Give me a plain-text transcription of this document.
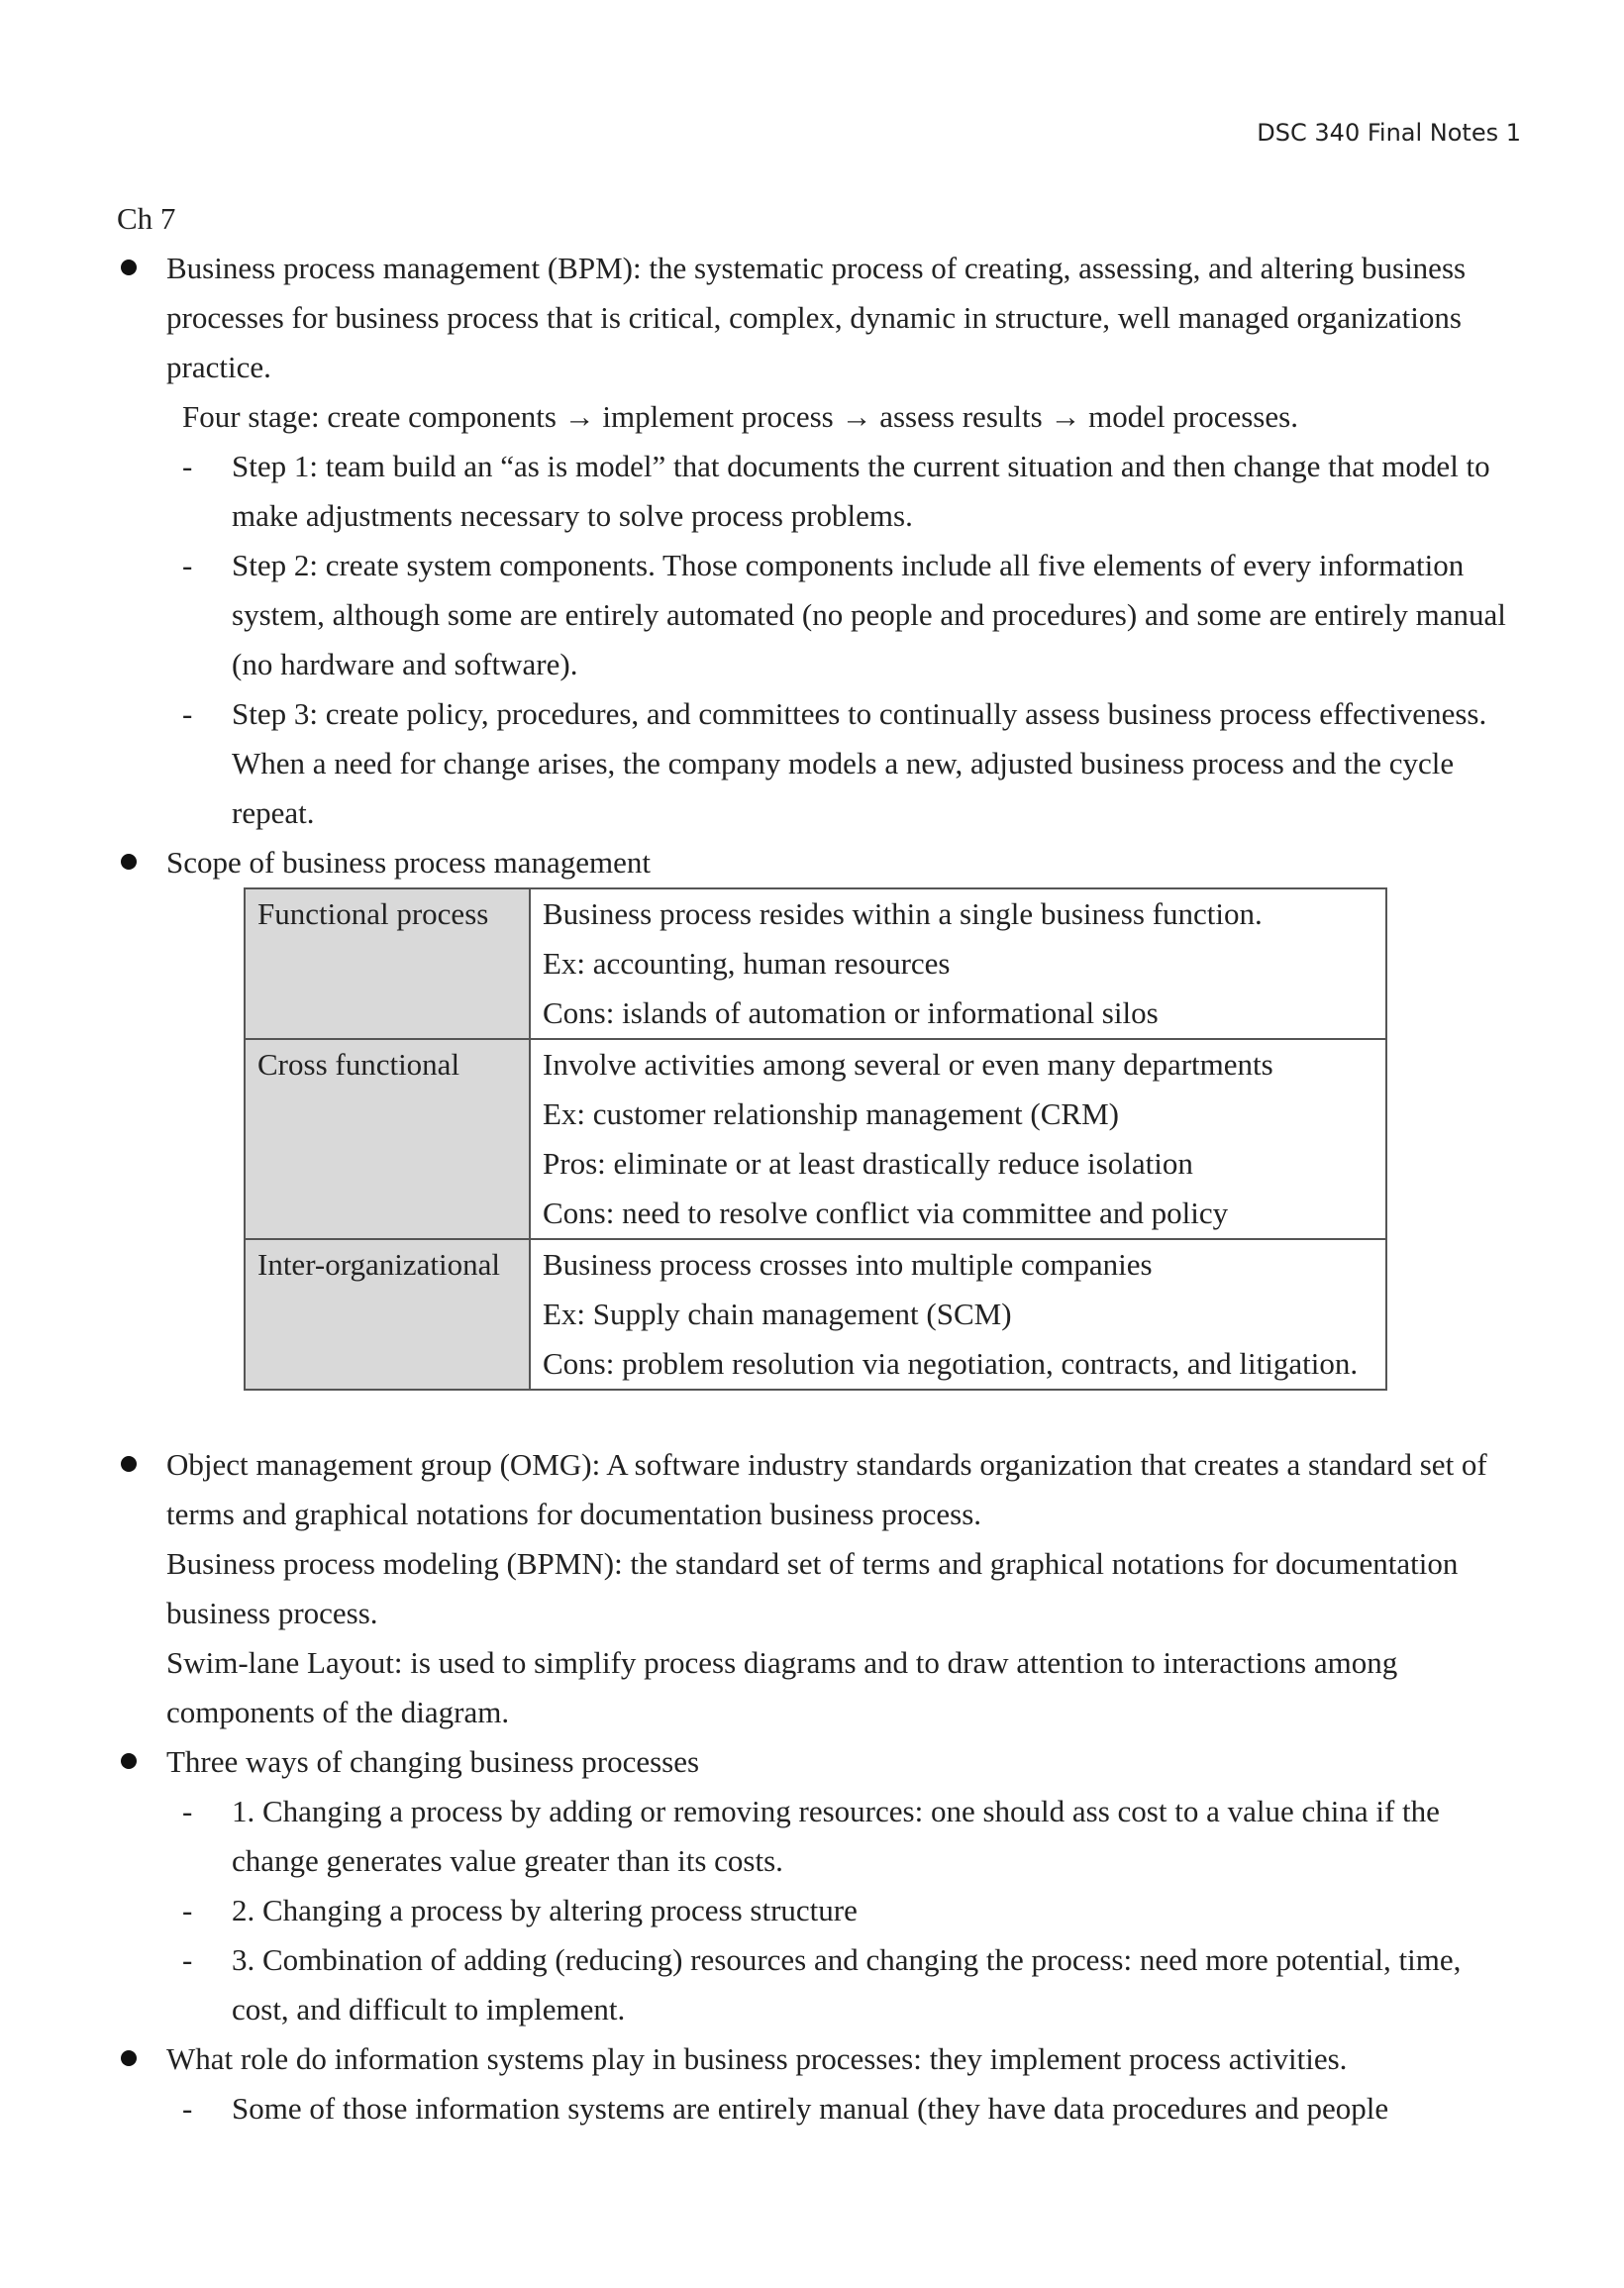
DSC 340 Final Notes 1

Ch 7

Business process management (BPM): the systematic process of creating, assessing, and altering business processes for business process that is critical, complex, dynamic in structure, well managed organizations practice.

Four stage: create components → implement process → assess results → model processes.

- Step 1: team build an “as is model” that documents the current situation and then change that model to make adjustments necessary to solve process problems.

- Step 2: create system components. Those components include all five elements of every information system, although some are entirely automated (no people and procedures) and some are entirely manual (no hardware and software).

- Step 3: create policy, procedures, and committees to continually assess business process effectiveness. When a need for change arises, the company models a new, adjusted business process and the cycle repeat.

Scope of business process management

Functional process	Business process resides within a single business function.
Ex: accounting, human resources
Cons: islands of automation or informational silos

Cross functional	Involve activities among several or even many departments
Ex: customer relationship management (CRM)
Pros: eliminate or at least drastically reduce isolation
Cons: need to resolve conflict via committee and policy

Inter-organizational	Business process crosses into multiple companies
Ex: Supply chain management (SCM)
Cons: problem resolution via negotiation, contracts, and litigation.

Object management group (OMG): A software industry standards organization that creates a standard set of terms and graphical notations for documentation business process.

Business process modeling (BPMN): the standard set of terms and graphical notations for documentation business process.

Swim-lane Layout: is used to simplify process diagrams and to draw attention to interactions among components of the diagram.

Three ways of changing business processes

- 1. Changing a process by adding or removing resources: one should ass cost to a value china if the change generates value greater than its costs.

- 2. Changing a process by altering process structure

- 3. Combination of adding (reducing) resources and changing the process: need more potential, time, cost, and difficult to implement.

What role do information systems play in business processes: they implement process activities.

- Some of those information systems are entirely manual (they have data procedures and people
